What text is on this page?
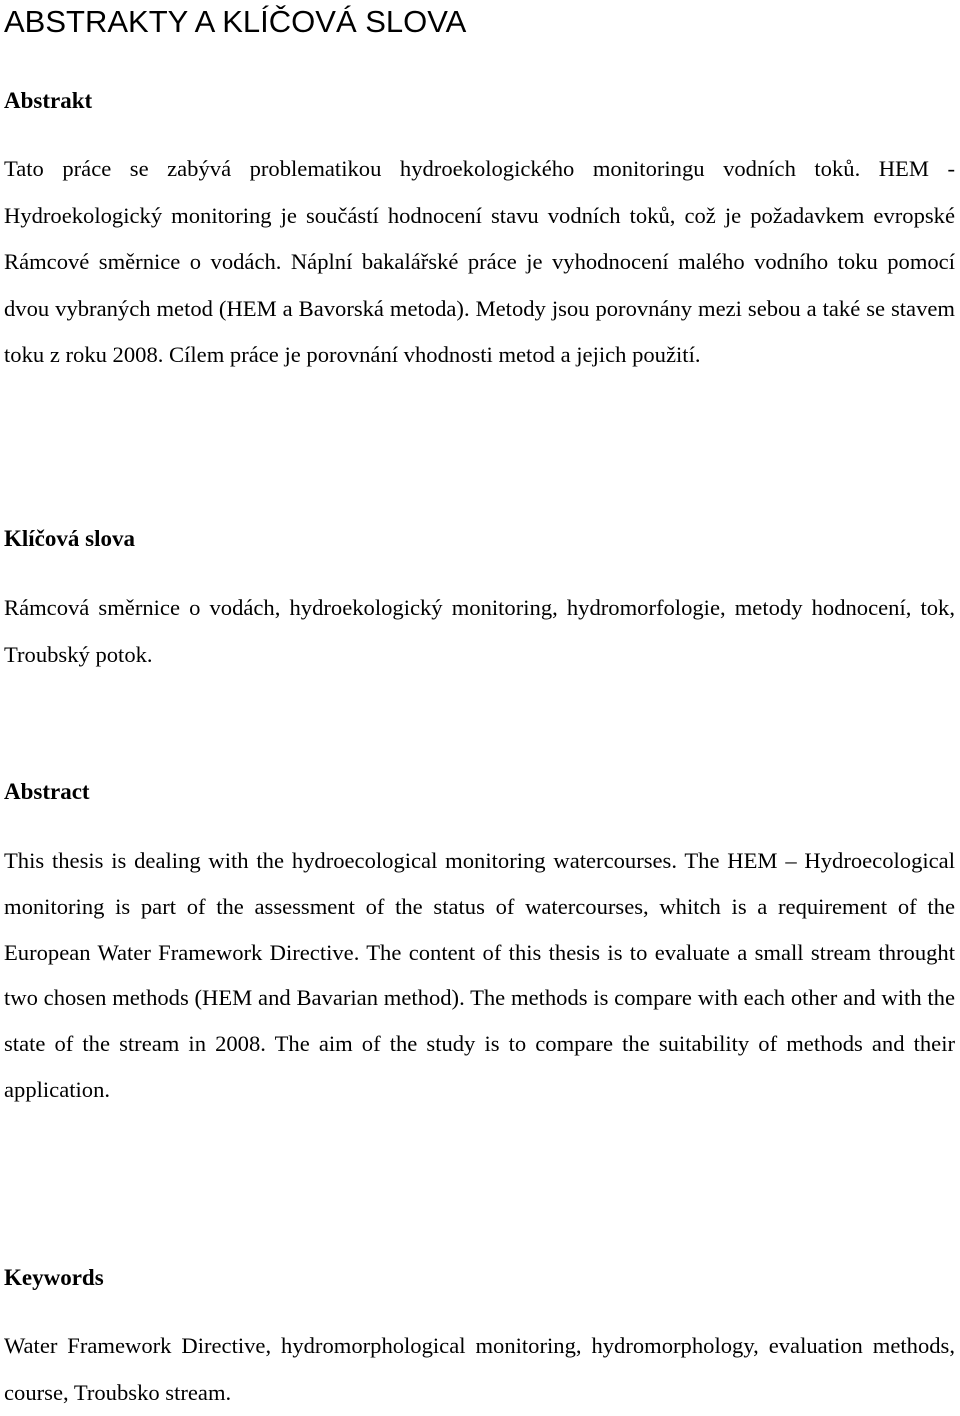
ABSTRAKTY A KLÍČOVÁ SLOVA
Abstrakt

Tato práce se zabývá problematikou hydroekologického monitoringu vodních toků. HEM - Hydroekologický monitoring je součástí hodnocení stavu vodních toků, což je požadavkem evropské Rámcové směrnice o vodách. Náplní bakalářské práce je vyhodnocení malého vodního toku pomocí dvou vybraných metod (HEM a Bavorská metoda). Metody jsou porovnány mezi sebou a také se stavem toku z roku 2008. Cílem práce je porovnání vhodnosti metod a jejich použití.

Klíčová slova

Rámcová směrnice o vodách, hydroekologický monitoring, hydromorfologie, metody hodnocení, tok, Troubský potok.

Abstract

This thesis is dealing with the hydroecological monitoring watercourses. The HEM – Hydroecological monitoring is part of the assessment of the status of watercourses, whitch is a requirement of the European Water Framework Directive. The content of this thesis is to evaluate a small stream throught two chosen methods (HEM and Bavarian method). The methods is compare with each other and with the state of the stream in 2008. The aim of the study is to compare the suitability of methods and their application.

Keywords

Water Framework Directive, hydromorphological monitoring, hydromorphology, evaluation methods, course, Troubsko stream.
